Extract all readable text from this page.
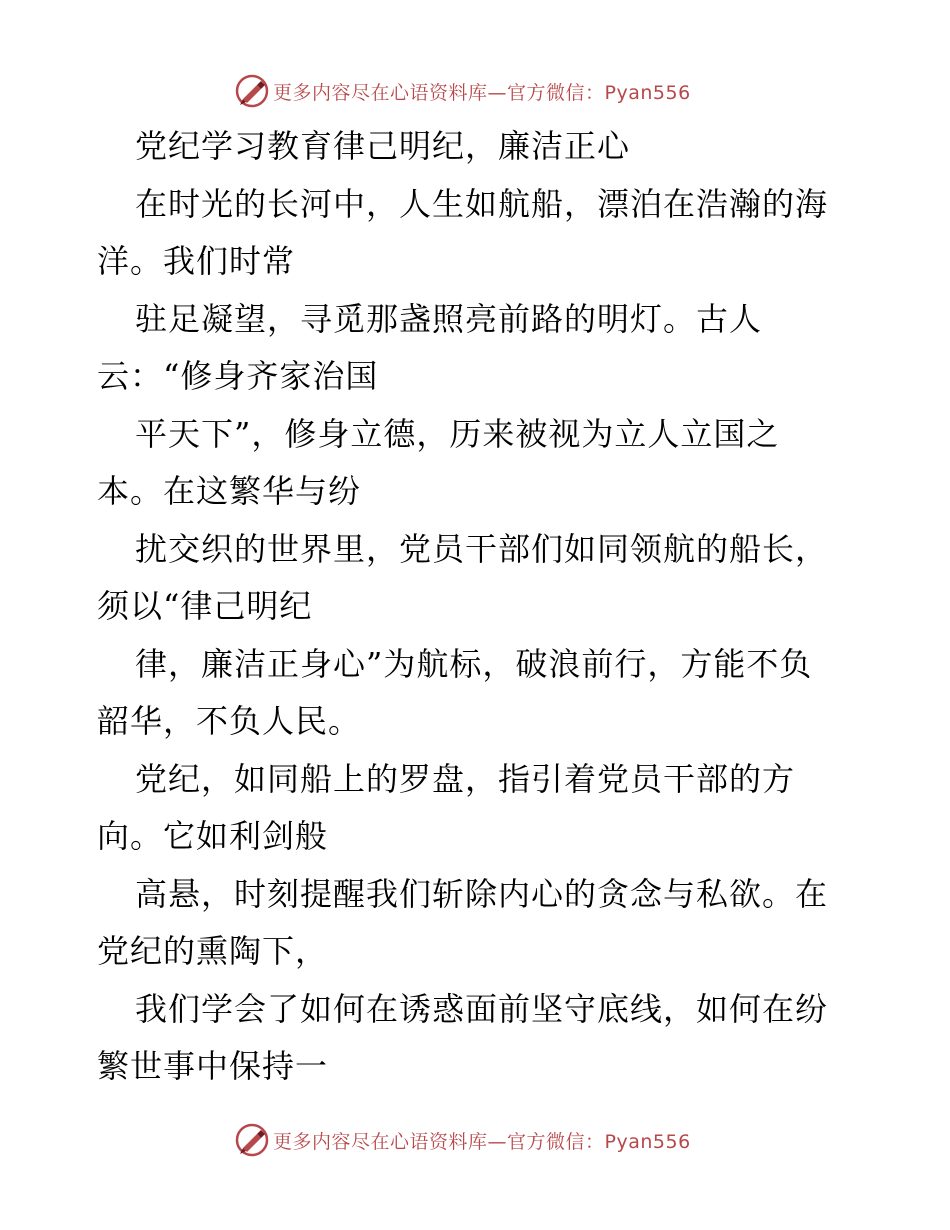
更多内容尽在心语资料库—官方微信：Pyan556
党纪学习教育律己明纪，廉洁正心
在时光的长河中，人生如航船，漂泊在浩瀚的海
洋。我们时常
驻足凝望，寻觅那盏照亮前路的明灯。古人
云：“修身齐家治国
平天下”，修身立德，历来被视为立人立国之
本。在这繁华与纷
扰交织的世界里，党员干部们如同领航的船长，
须以“律己明纪
律，廉洁正身心”为航标，破浪前行，方能不负
韶华，不负人民。
党纪，如同船上的罗盘，指引着党员干部的方
向。它如利剑般
高悬，时刻提醒我们斩除内心的贪念与私欲。在
党纪的熏陶下，
我们学会了如何在诱惑面前坚守底线，如何在纷
繁世事中保持一
更多内容尽在心语资料库—官方微信：Pyan556
